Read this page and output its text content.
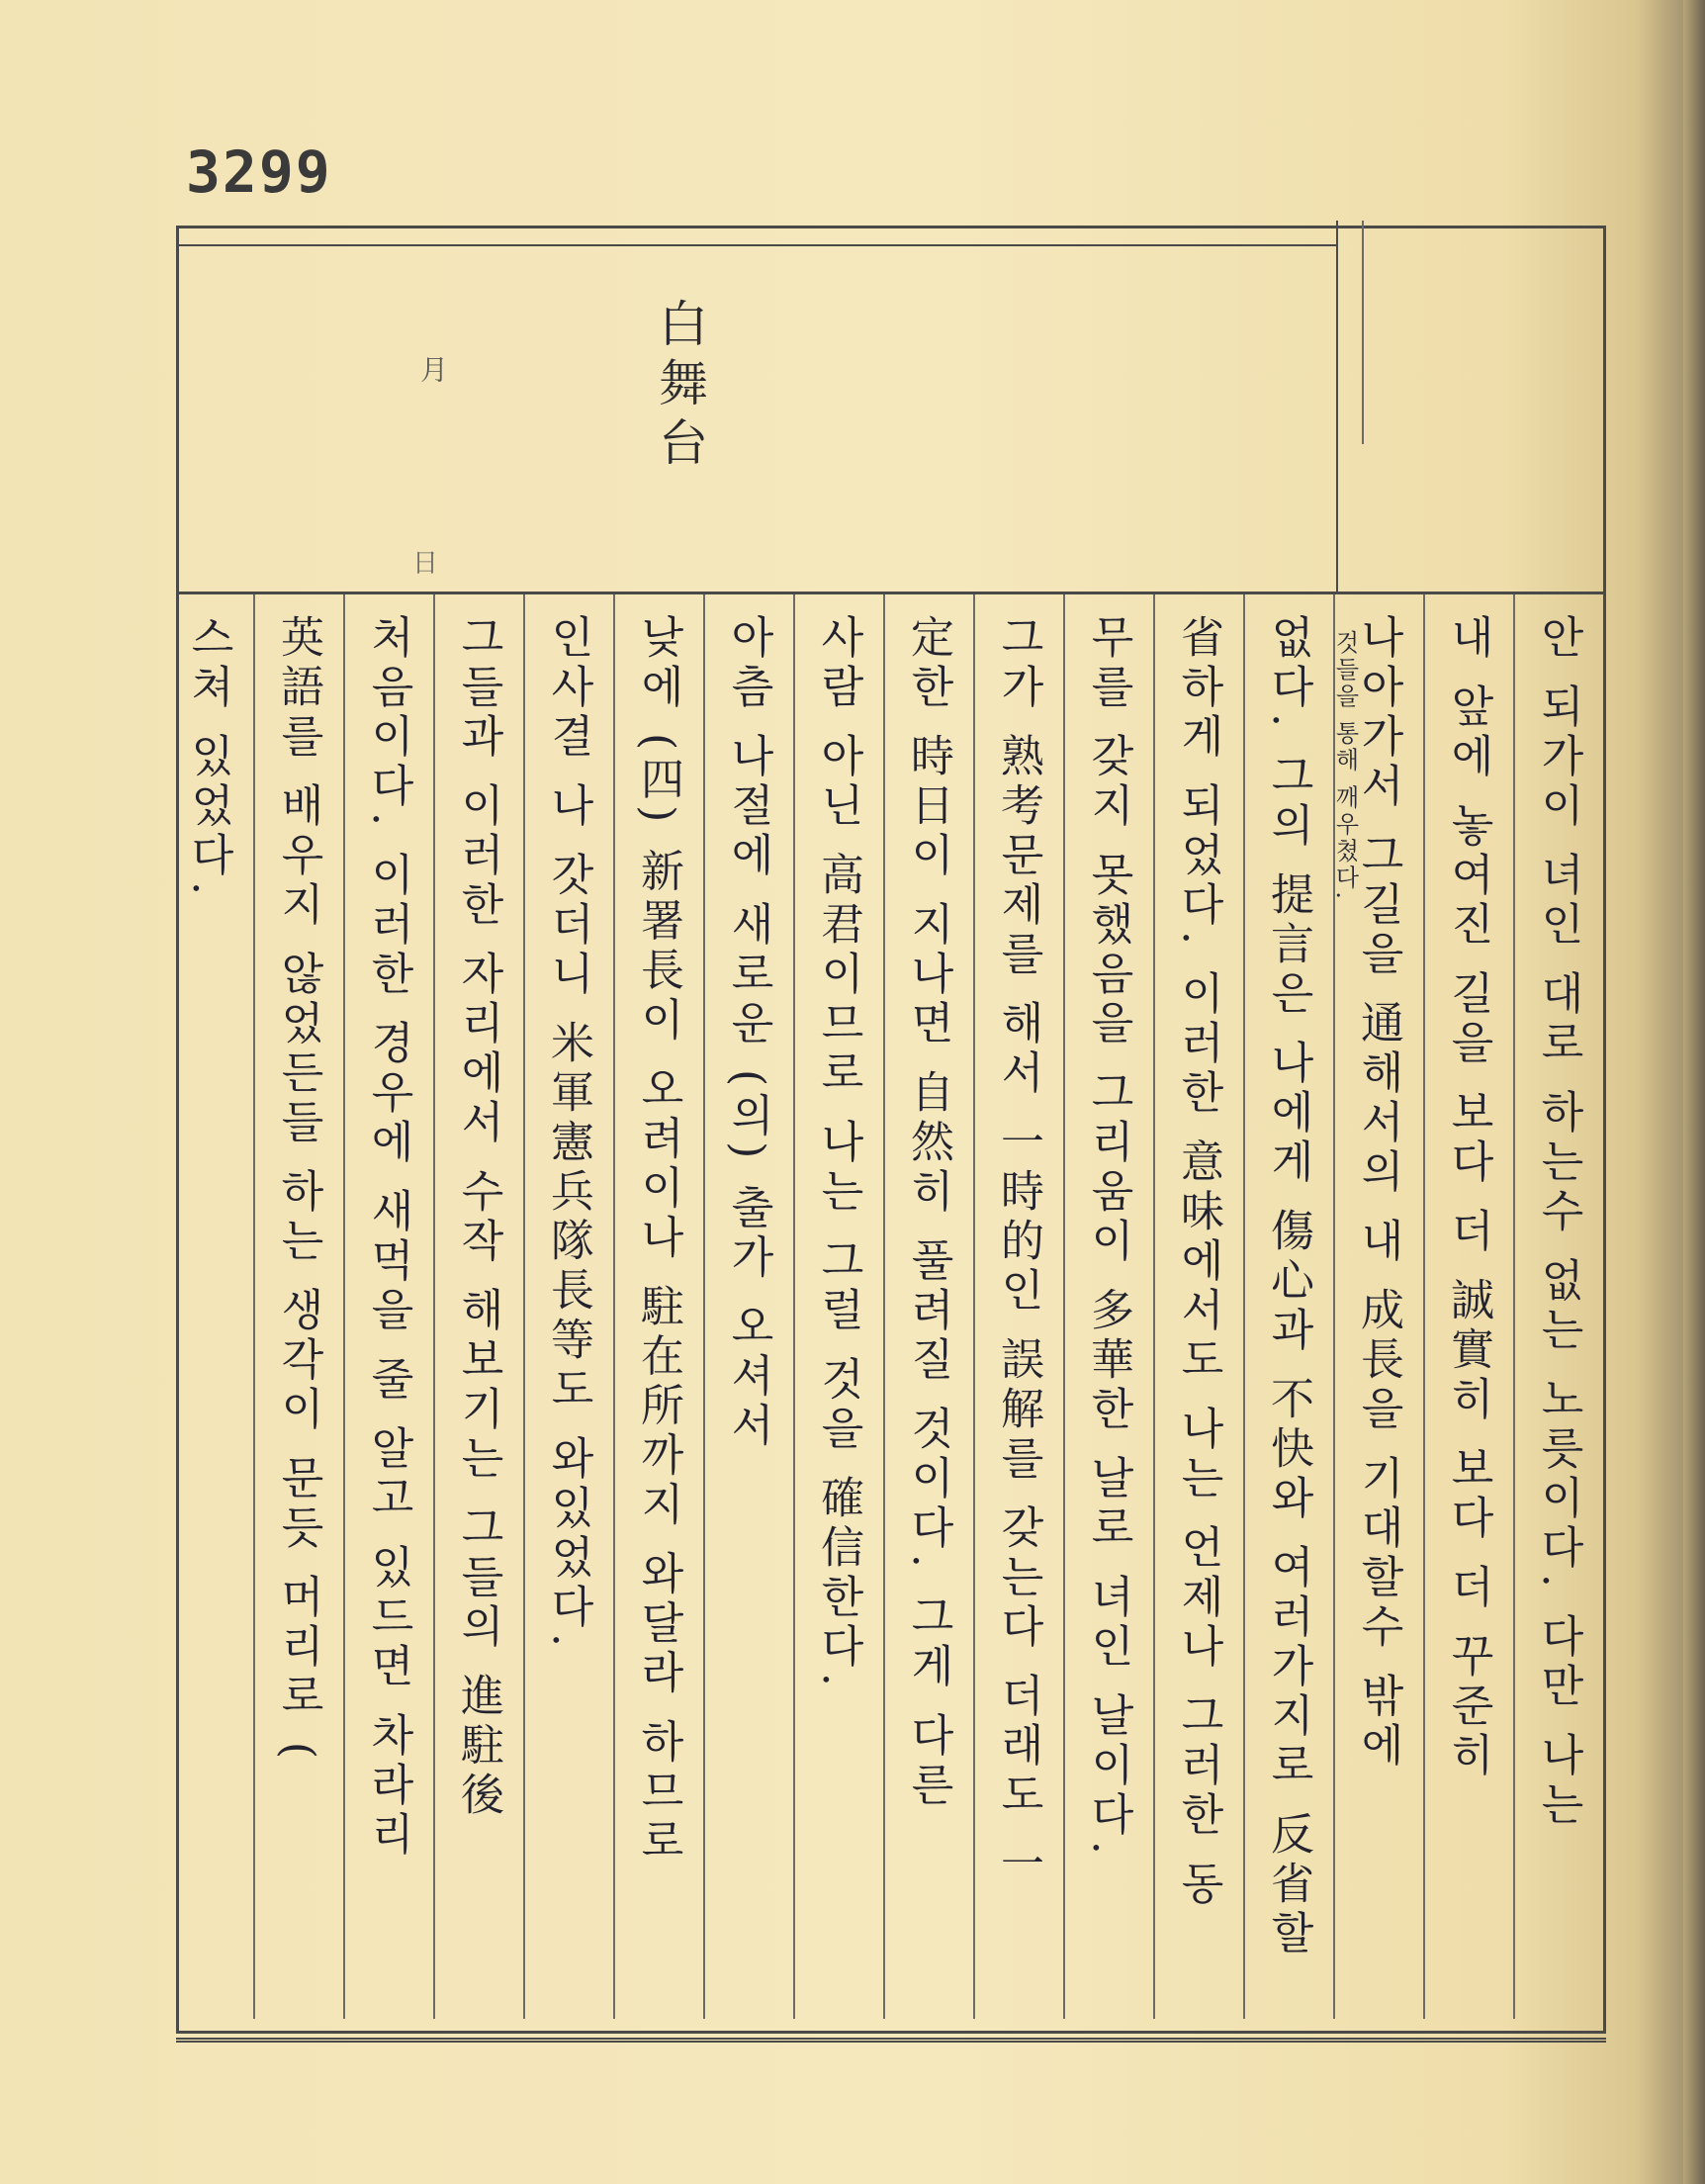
3299
白舞台
月
日
안 되가이 녀인 대로 하는수 없는 노릇이다. 다만 나는
내 앞에 놓여진 길을 보다 더 誠實히 보다 더 꾸준히
나아가서 그길을 通해서의 내 成長을 기대할수 밖에
없다. 그의 提言은 나에게 傷心과 不快와 여러가지로 反省할
省하게 되었다. 이러한 意味에서도 나는 언제나 그러한 동
무를 갖지 못했음을 그리움이 多華한 날로 녀인 날이다.
그가 熟考문제를 해서 一時的인 誤解를 갖는다 더래도 一
定한 時日이 지나면 自然히 풀려질 것이다. 그게 다른
사람 아닌 高君이므로 나는 그럴 것을 確信한다.
아츰 나절에 새로운 (의) 출가 오셔서
낮에 (四) 新署長이 오려이나 駐在所까지 와달라 하므로
인사결 나 갓더니 米軍憲兵隊長等도 와있었다.
그들과 이러한 자리에서 수작 해보기는 그들의 進駐後
처음이다. 이러한 경우에 새먹을 줄 알고 있드면 차라리
英語를 배우지 않었든들 하는 생각이 문듯 머리로 (
스쳐 있었다.	것들을 통해 깨우쳤다.
